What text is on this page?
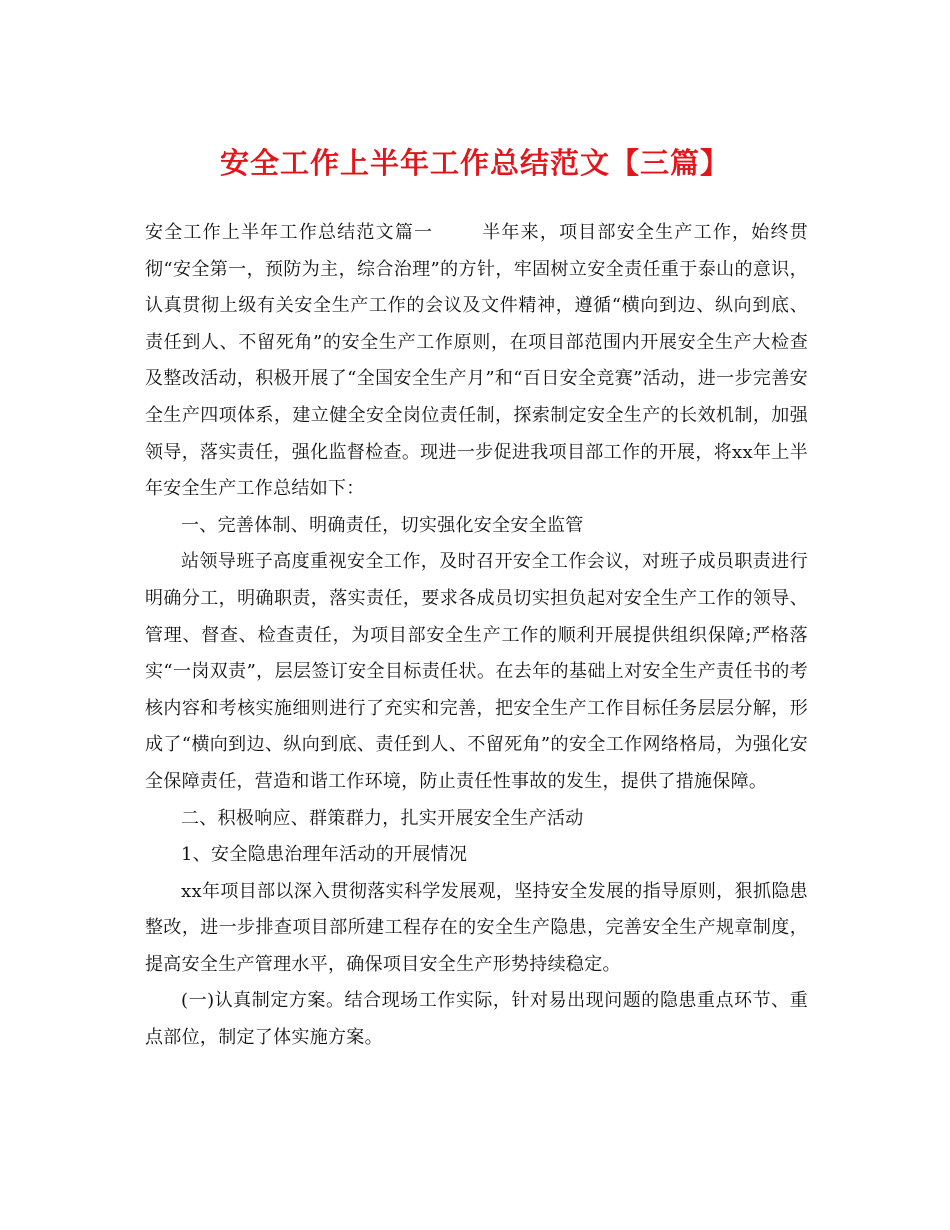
安全工作上半年工作总结范文【三篇】

安全工作上半年工作总结范文篇一	半年来，项目部安全生产工作，始终贯彻“安全第一，预防为主，综合治理”的方针，牢固树立安全责任重于泰山的意识，认真贯彻上级有关安全生产工作的会议及文件精神，遵循“横向到边、纵向到底、责任到人、不留死角”的安全生产工作原则，在项目部范围内开展安全生产大检查及整改活动，积极开展了“全国安全生产月”和“百日安全竞赛”活动，进一步完善安全生产四项体系，建立健全安全岗位责任制，探索制定安全生产的长效机制，加强领导，落实责任，强化监督检查。现进一步促进我项目部工作的开展，将xx年上半年安全生产工作总结如下：

一、完善体制、明确责任，切实强化安全安全监管

站领导班子高度重视安全工作，及时召开安全工作会议，对班子成员职责进行明确分工，明确职责，落实责任，要求各成员切实担负起对安全生产工作的领导、管理、督查、检查责任，为项目部安全生产工作的顺利开展提供组织保障;严格落实“一岗双责”，层层签订安全目标责任状。在去年的基础上对安全生产责任书的考核内容和考核实施细则进行了充实和完善，把安全生产工作目标任务层层分解，形成了“横向到边、纵向到底、责任到人、不留死角”的安全工作网络格局，为强化安全保障责任，营造和谐工作环境，防止责任性事故的发生，提供了措施保障。

二、积极响应、群策群力，扎实开展安全生产活动

1、安全隐患治理年活动的开展情况

xx年项目部以深入贯彻落实科学发展观，坚持安全发展的指导原则，狠抓隐患整改，进一步排查项目部所建工程存在的安全生产隐患，完善安全生产规章制度，提高安全生产管理水平，确保项目安全生产形势持续稳定。

(一)认真制定方案。结合现场工作实际，针对易出现问题的隐患重点环节、重点部位，制定了体实施方案。
